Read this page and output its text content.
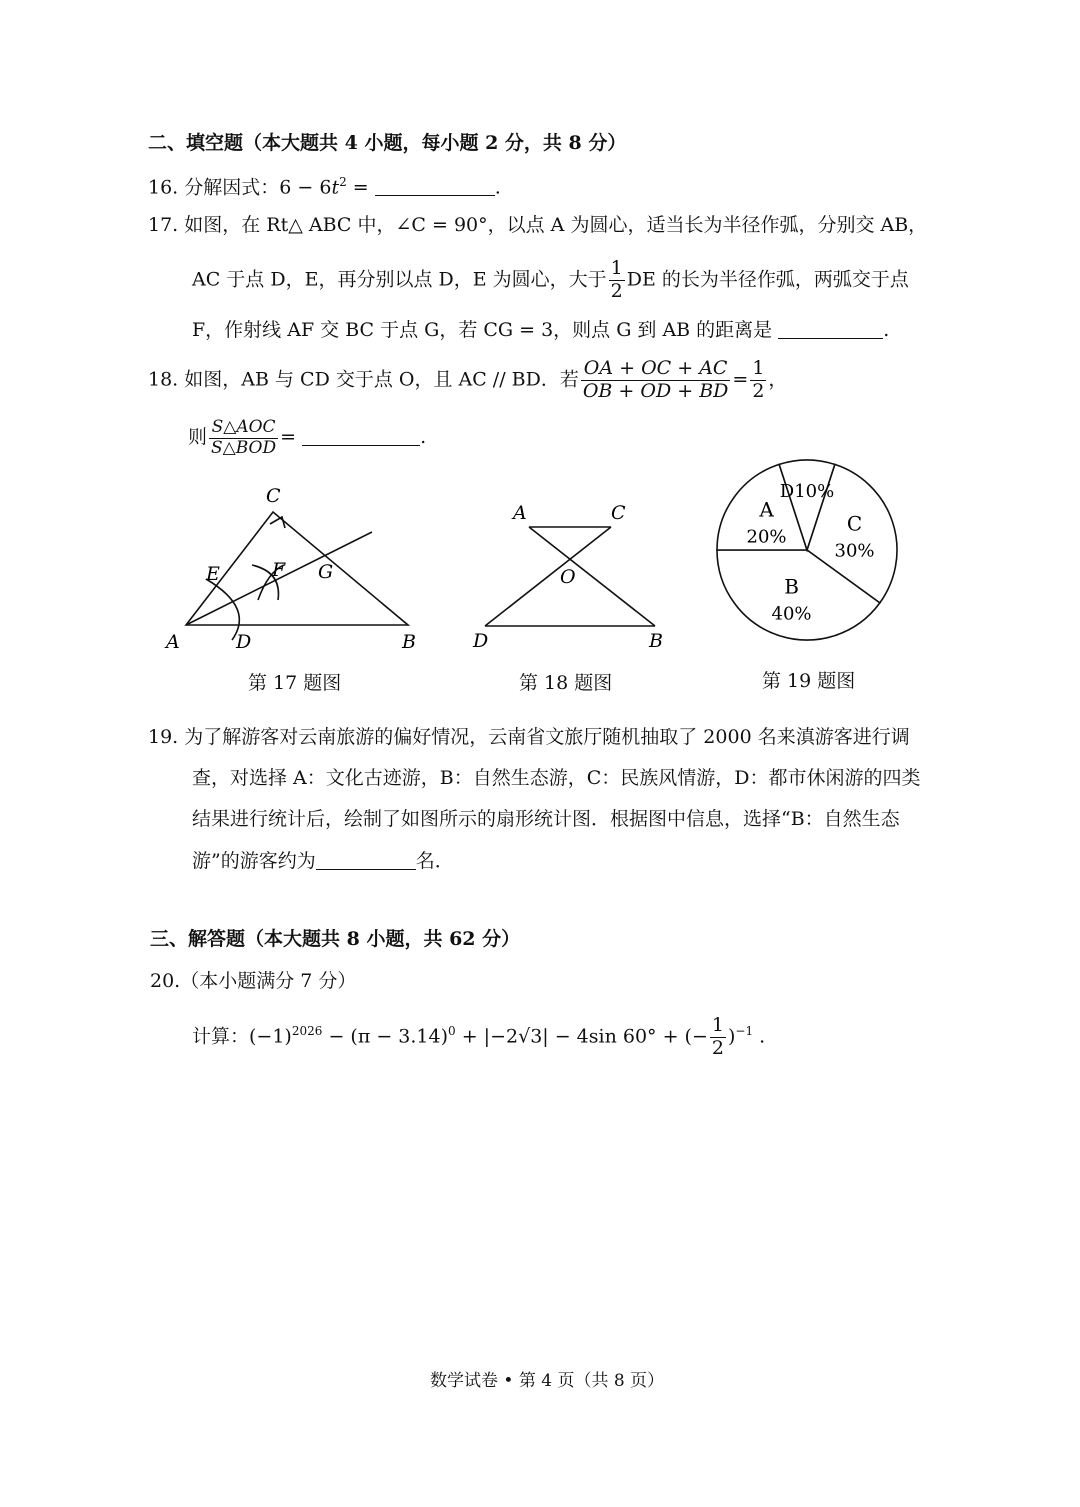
二、填空题（本大题共 4 小题，每小题 2 分，共 8 分）
16. 分解因式：$6 - 6t^2$ =	.
17. 如图，在 Rt△ ABC 中，∠C = 90°，以点 A 为圆心，适当长为半径作弧，分别交 AB，
AC 于点 D，E，再分别以点 D，E 为圆心，大于 $\frac{1}{2}$ DE 的长为半径作弧，两弧交于点
F，作射线 AF 交 BC 于点 G，若 CG = 3，则点 G 到 AB 的距离是	.
18. 如图，AB 与 CD 交于点 O，且 AC // BD．若 $\frac{OA + OC + AC}{OB + OD + BD} = \frac{1}{2}$ ，
则 $\frac{\text{S△AOC}}{\text{S△BOD}}$ =	.
C
E	F G
A	D	B
第 17 题图
A	C
O
D	B
第 18 题图
C
30%
B
40%
A
20%
D10%
第 19 题图
19. 为了解游客对云南旅游的偏好情况，云南省文旅厅随机抽取了 2000 名来滇游客进行调
查，对选择 A：文化古迹游，B：自然生态游，C：民族风情游，D：都市休闲游的四类
结果进行统计后，绘制了如图所示的扇形统计图．根据图中信息，选择“B：自然生态
游”的游客约为	名．
三、解答题（本大题共 8 小题，共 62 分）
20.（本小题满分 7 分）
计算：$(-1)^{2026} - (\pi - 3.14)^0 + |-2√3| - 4\sin$ 60° + (− $\frac{1}{2} )^{-1}$ .
数学试卷 • 第 4 页（共 8 页）
